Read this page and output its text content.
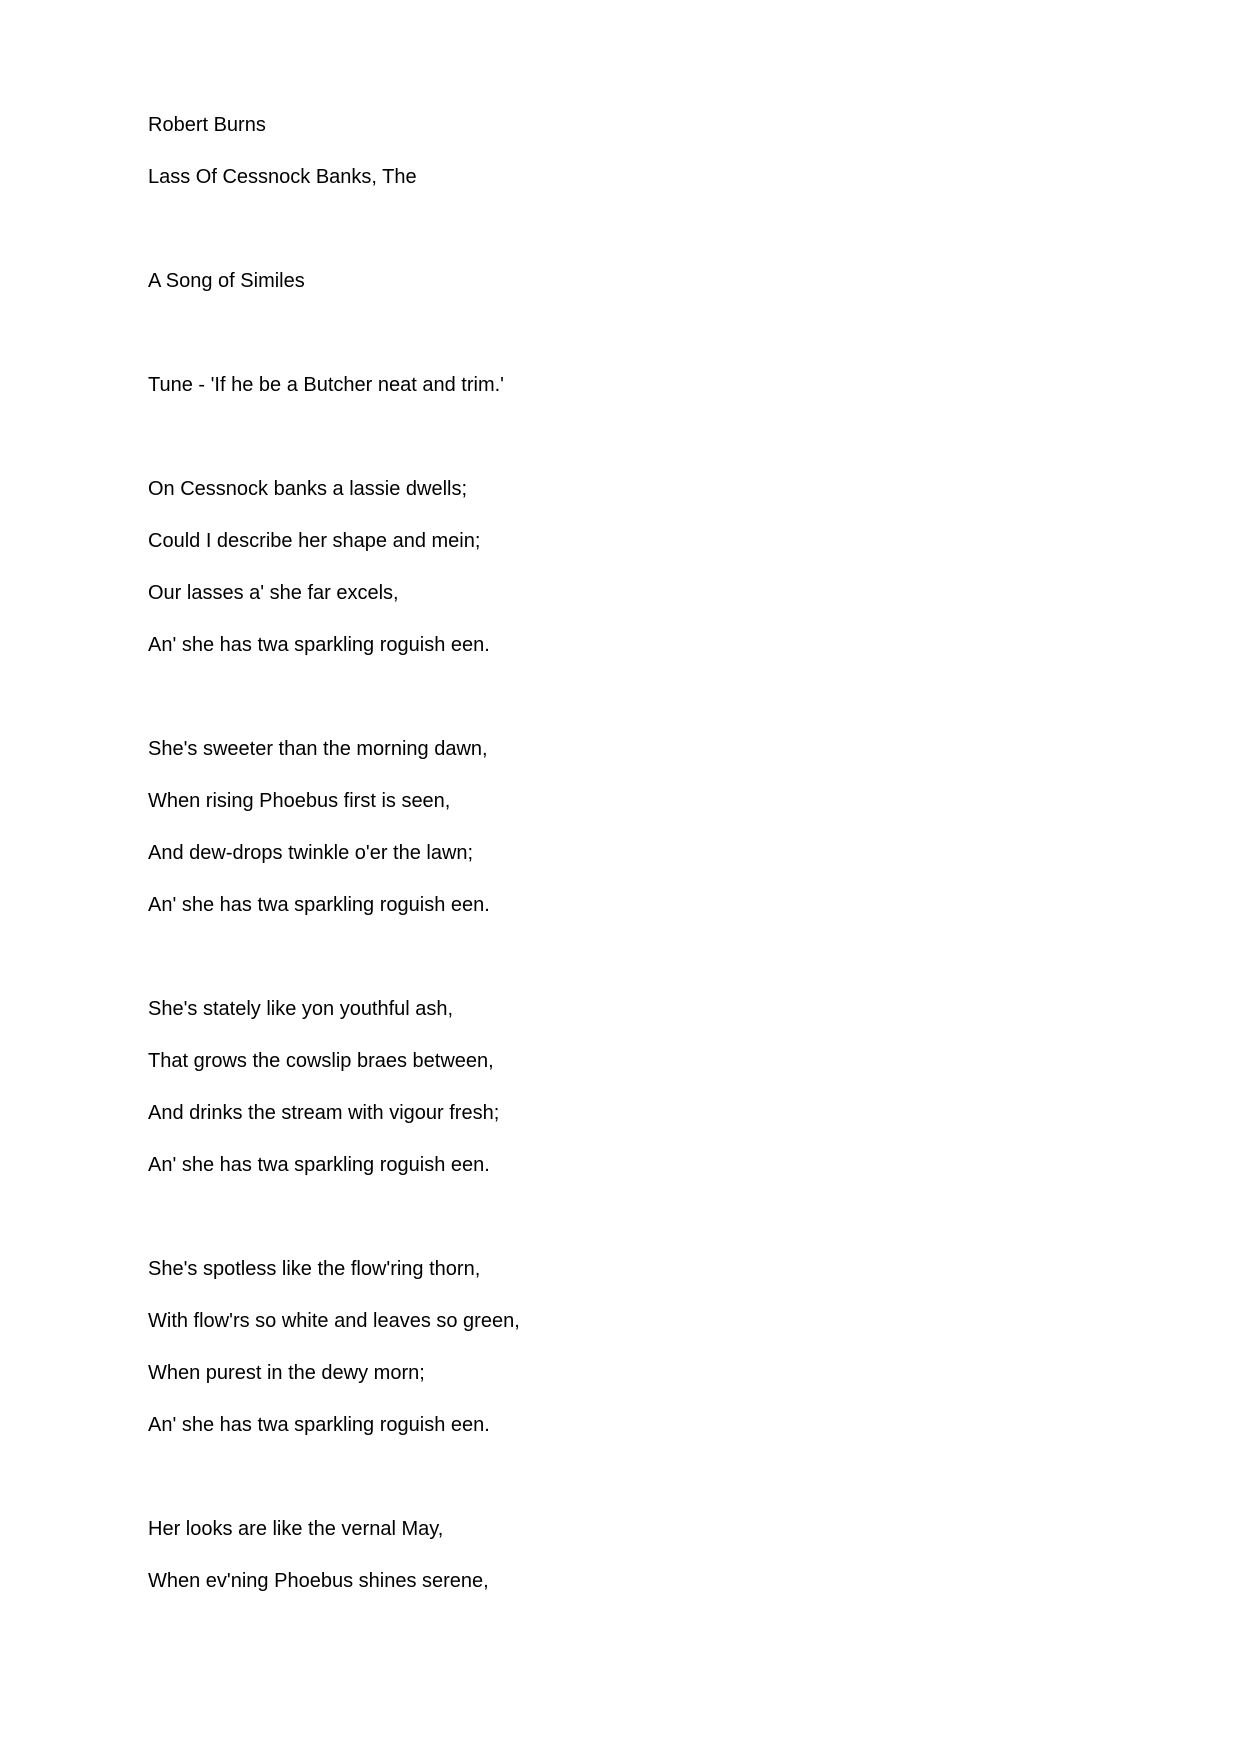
Robert Burns

Lass Of Cessnock Banks, The

A Song of Similes

Tune - 'If he be a Butcher neat and trim.'

On Cessnock banks a lassie dwells;

Could I describe her shape and mein;

Our lasses a' she far excels,

An' she has twa sparkling roguish een.

She's sweeter than the morning dawn,

When rising Phoebus first is seen,

And dew-drops twinkle o'er the lawn;

An' she has twa sparkling roguish een.

She's stately like yon youthful ash,

That grows the cowslip braes between,

And drinks the stream with vigour fresh;

An' she has twa sparkling roguish een.

She's spotless like the flow'ring thorn,

With flow'rs so white and leaves so green,

When purest in the dewy morn;

An' she has twa sparkling roguish een.

Her looks are like the vernal May,

When ev'ning Phoebus shines serene,
